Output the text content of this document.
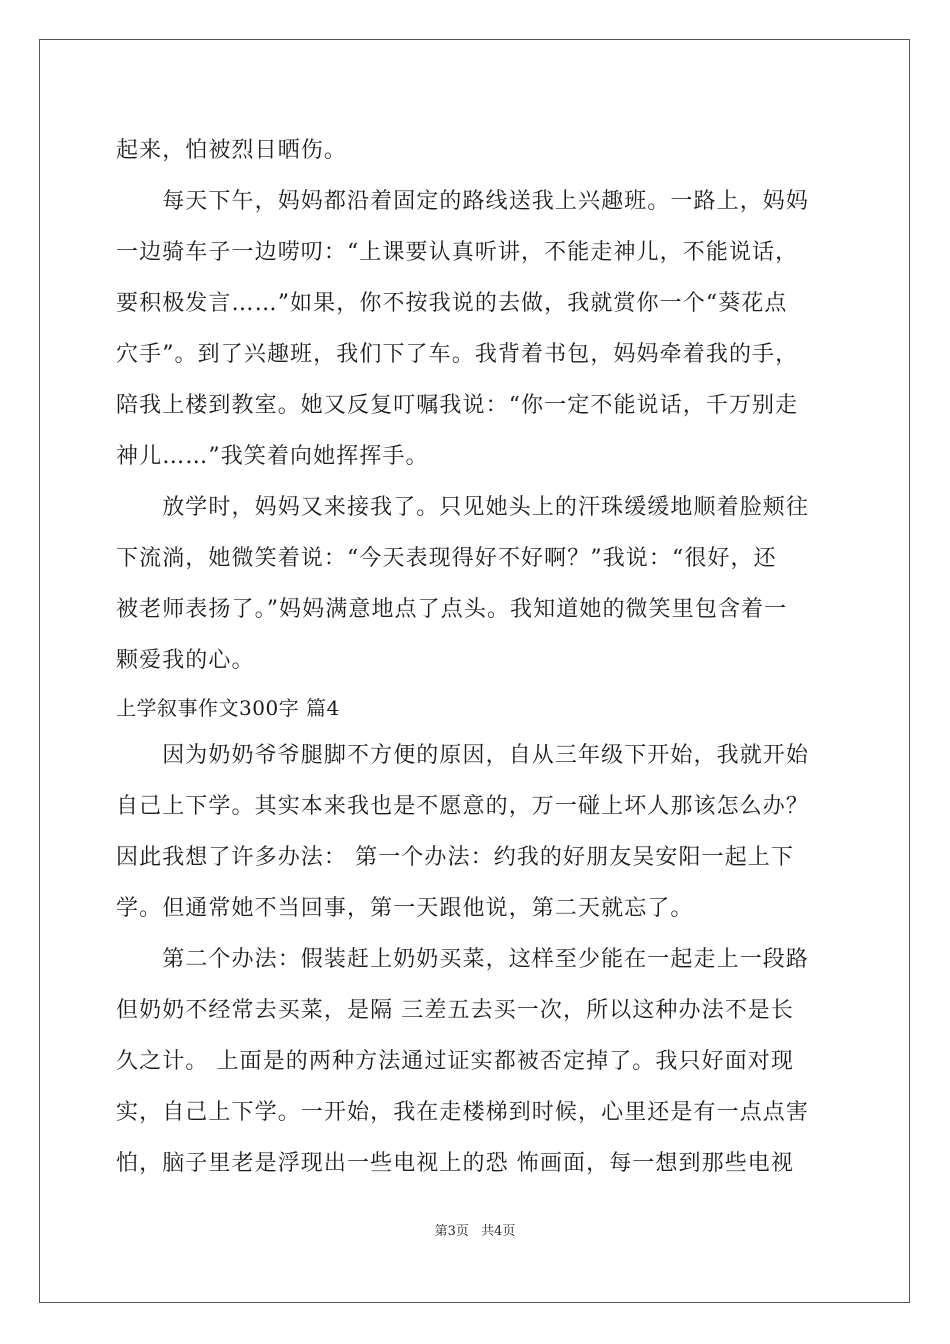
起来，怕被烈日晒伤。
　　每天下午，妈妈都沿着固定的路线送我上兴趣班。一路上，妈妈
一边骑车子一边唠叨：“上课要认真听讲，不能走神儿，不能说话，
要积极发言……”如果，你不按我说的去做，我就赏你一个“葵花点
穴手”。到了兴趣班，我们下了车。我背着书包，妈妈牵着我的手，
陪我上楼到教室。她又反复叮嘱我说：“你一定不能说话，千万别走
神儿……”我笑着向她挥挥手。
　　放学时，妈妈又来接我了。只见她头上的汗珠缓缓地顺着脸颊往
下流淌，她微笑着说：“今天表现得好不好啊？”我说：“很好，还
被老师表扬了。”妈妈满意地点了点头。我知道她的微笑里包含着一
颗爱我的心。
上学叙事作文300字 篇4
　　因为奶奶爷爷腿脚不方便的原因，自从三年级下开始，我就开始
自己上下学。其实本来我也是不愿意的，万一碰上坏人那该怎么办？
因此我想了许多办法： 第一个办法：约我的好朋友吴安阳一起上下
学。但通常她不当回事，第一天跟他说，第二天就忘了。
　　第二个办法：假装赶上奶奶买菜，这样至少能在一起走上一段路
但奶奶不经常去买菜，是隔 三差五去买一次，所以这种办法不是长
久之计。 上面是的两种方法通过证实都被否定掉了。我只好面对现
实，自己上下学。一开始，我在走楼梯到时候，心里还是有一点点害
怕，脑子里老是浮现出一些电视上的恐 怖画面，每一想到那些电视
第3页 共4页
